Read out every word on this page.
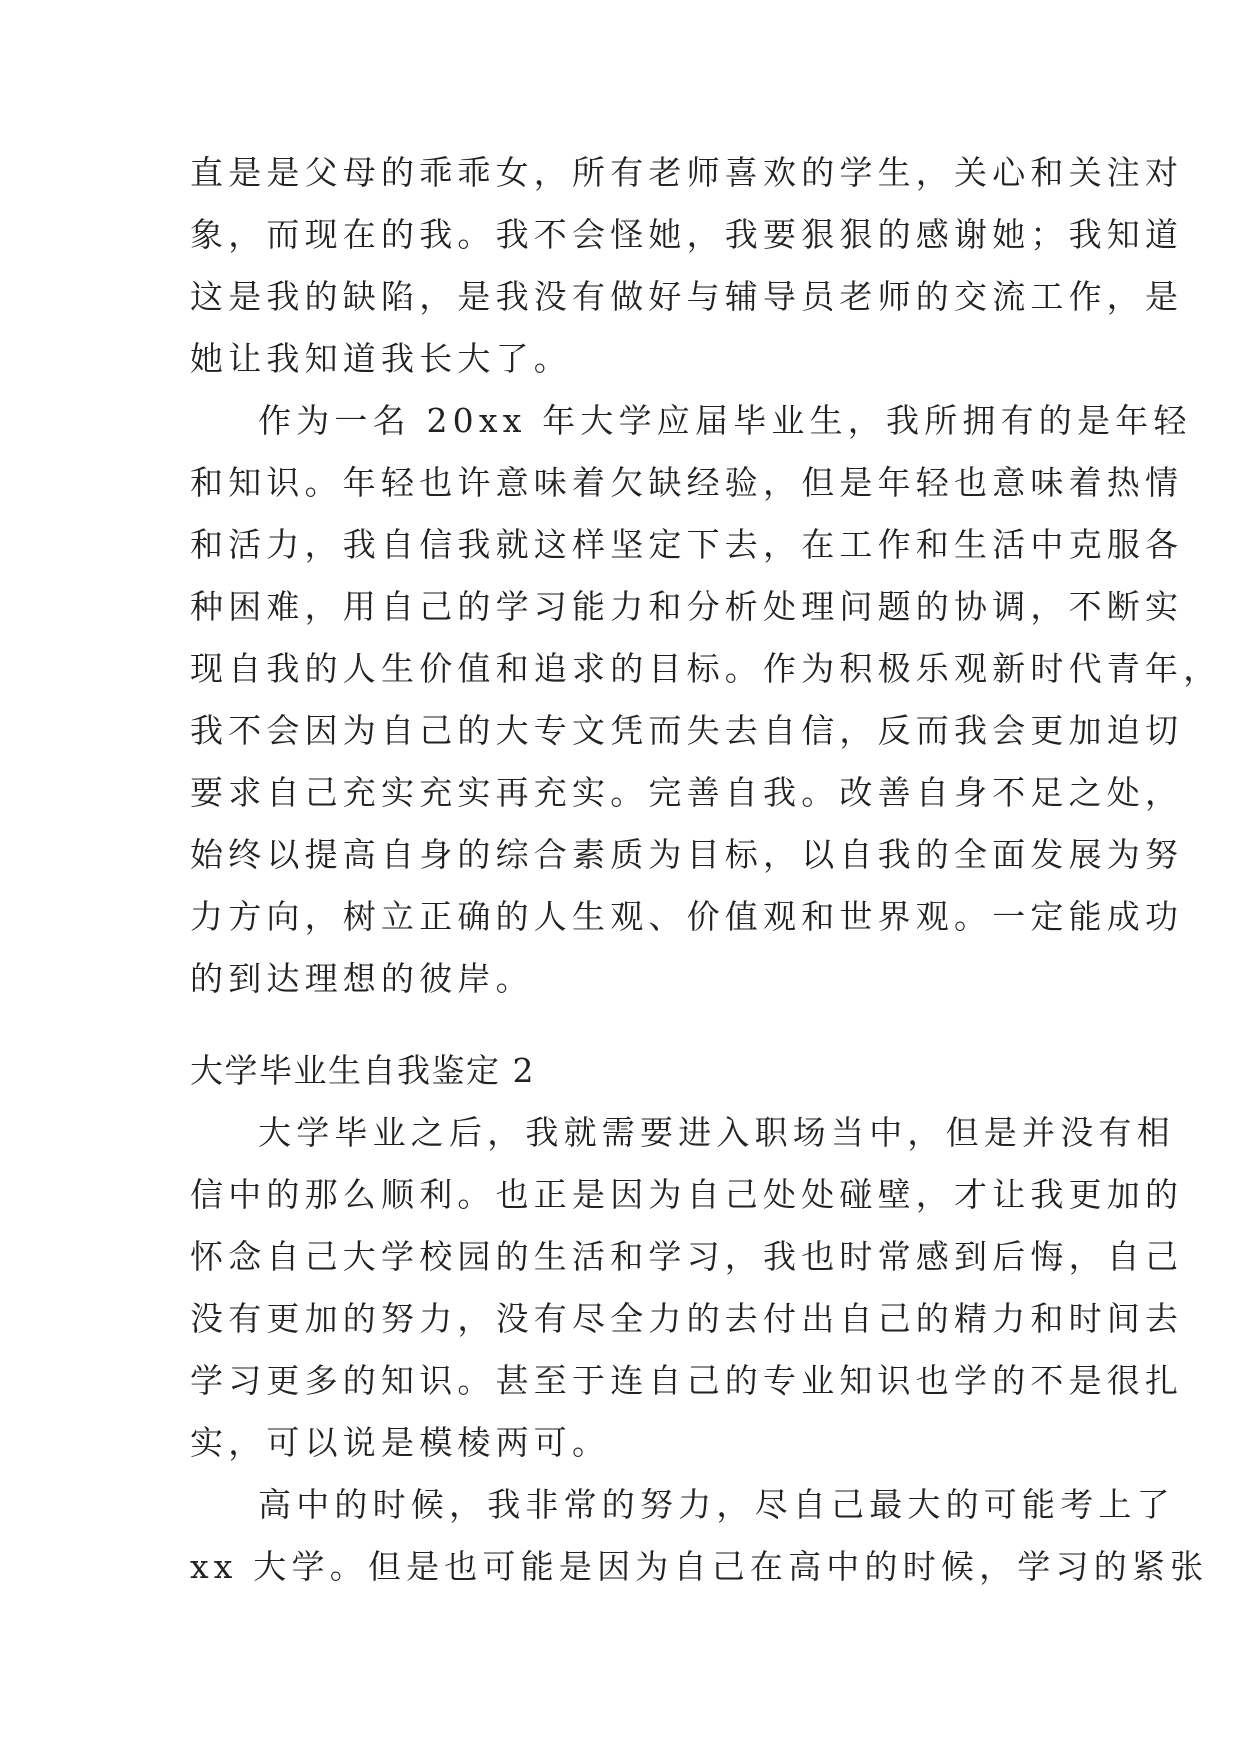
直是是父母的乖乖女，所有老师喜欢的学生，关心和关注对
象，而现在的我。我不会怪她，我要狠狠的感谢她；我知道
这是我的缺陷，是我没有做好与辅导员老师的交流工作，是
她让我知道我长大了。
作为一名 20xx 年大学应届毕业生，我所拥有的是年轻
和知识。年轻也许意味着欠缺经验，但是年轻也意味着热情
和活力，我自信我就这样坚定下去，在工作和生活中克服各
种困难，用自己的学习能力和分析处理问题的协调，不断实
现自我的人生价值和追求的目标。作为积极乐观新时代青年，
我不会因为自己的大专文凭而失去自信，反而我会更加迫切
要求自己充实充实再充实。完善自我。改善自身不足之处，
始终以提高自身的综合素质为目标，以自我的全面发展为努
力方向，树立正确的人生观、价值观和世界观。一定能成功
的到达理想的彼岸。
大学毕业生自我鉴定 2
大学毕业之后，我就需要进入职场当中，但是并没有相
信中的那么顺利。也正是因为自己处处碰壁，才让我更加的
怀念自己大学校园的生活和学习，我也时常感到后悔，自己
没有更加的努力，没有尽全力的去付出自己的精力和时间去
学习更多的知识。甚至于连自己的专业知识也学的不是很扎
实，可以说是模棱两可。
高中的时候，我非常的努力，尽自己最大的可能考上了
xx 大学。但是也可能是因为自己在高中的时候，学习的紧张
